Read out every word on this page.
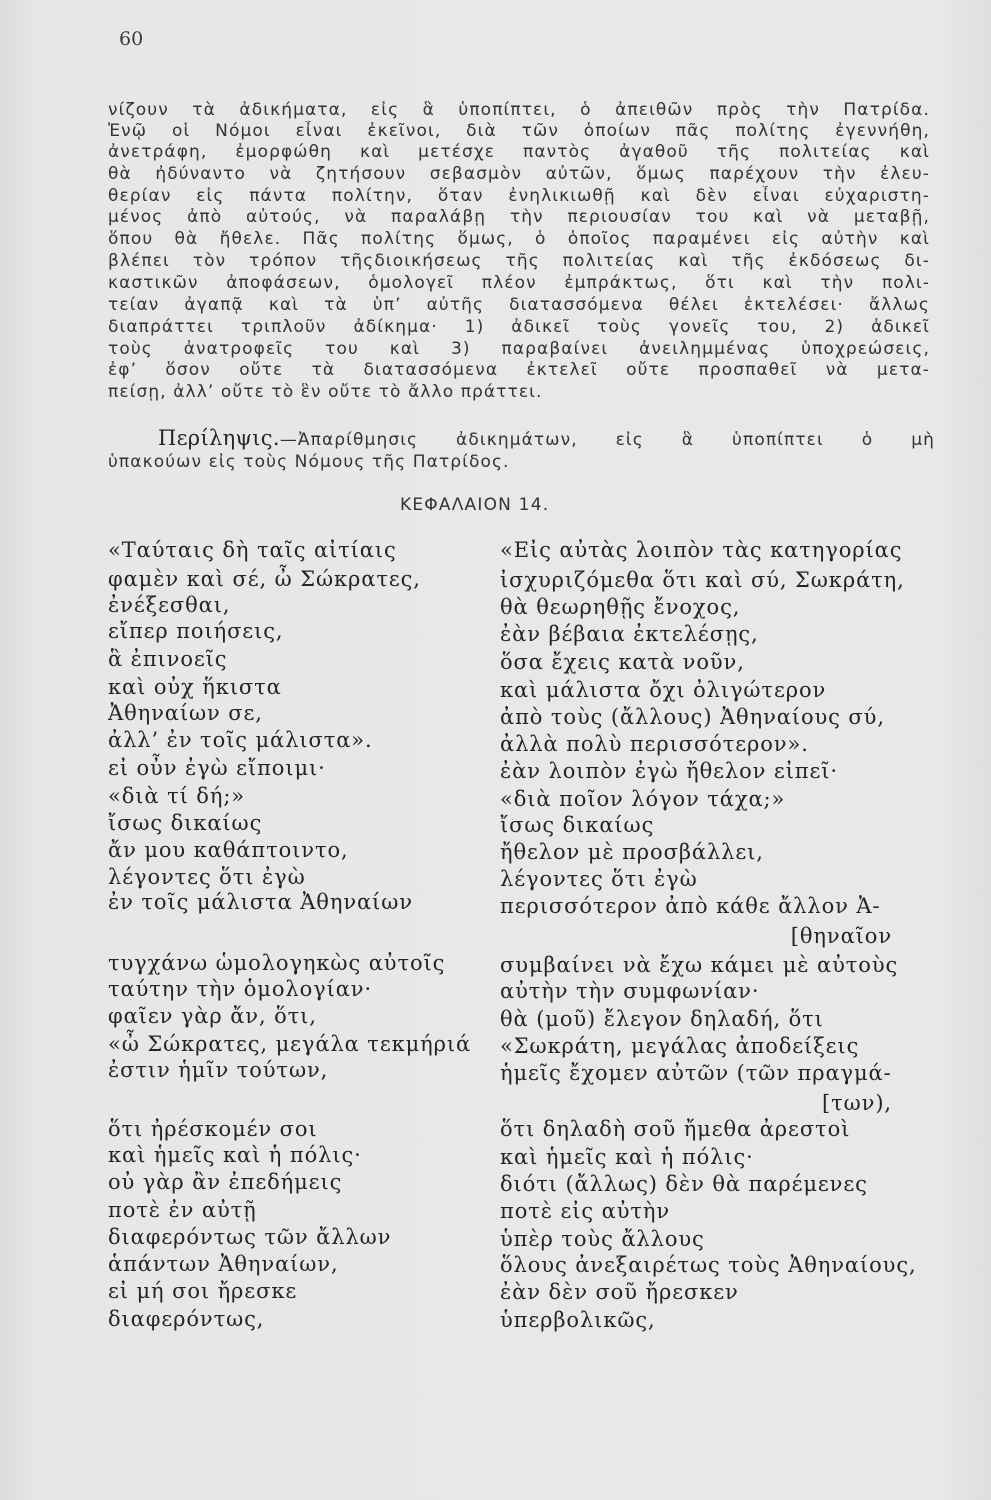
60
νίζουν τὰ ἀδικήματα, εἰς ἃ ὑποπίπτει, ὁ ἀπειθῶν πρὸς τὴν Πατρίδα.
Ἐνῷ οἱ Νόμοι εἶναι ἐκεῖνοι, διὰ τῶν ὁποίων πᾶς πολίτης ἐγεννήθη,
ἀνετράφη, ἐμορφώθη καὶ μετέσχε παντὸς ἀγαθοῦ τῆς πολιτείας καὶ
θὰ ἠδύναντο νὰ ζητήσουν σεβασμὸν αὐτῶν, ὅμως παρέχουν τὴν ἐλευ-
θερίαν εἰς πάντα πολίτην, ὅταν ἐνηλικιωθῇ καὶ δὲν εἶναι εὐχαριστη-
μένος ἀπὸ αὐτούς, νὰ παραλάβῃ τὴν περιουσίαν του καὶ νὰ μεταβῇ,
ὅπου θὰ ἤθελε. Πᾶς πολίτης ὅμως, ὁ ὁποῖος παραμένει εἰς αὐτὴν καὶ
βλέπει τὸν τρόπον τῆςδιοικήσεως τῆς πολιτείας καὶ τῆς ἐκδόσεως δι-
καστικῶν ἀποφάσεων, ὁμολογεῖ πλέον ἐμπράκτως, ὅτι καὶ τὴν πολι-
τείαν ἀγαπᾷ καὶ τὰ ὑπ’ αὐτῆς διατασσόμενα θέλει ἐκτελέσει· ἄλλως
διαπράττει τριπλοῦν ἀδίκημα· 1) ἀδικεῖ τοὺς γονεῖς του, 2) ἀδικεῖ
τοὺς ἀνατροφεῖς του καὶ 3) παραβαίνει ἀνειλημμένας ὑποχρεώσεις,
ἐφ’ ὅσον οὔτε τὰ διατασσόμενα ἐκτελεῖ οὔτε προσπαθεῖ νὰ μετα-
πείσῃ, ἀλλ’ οὔτε τὸ ἓν οὔτε τὸ ἄλλο πράττει.
Περίληψις.—Ἀπαρίθμησις ἀδικημάτων, εἰς ἃ ὑποπίπτει ὁ μὴ
ὑπακούων εἰς τοὺς Νόμους τῆς Πατρίδος.
ΚΕΦΑΛΑΙΟΝ 14.
«Ταύταις δὴ ταῖς αἰτίαις
φαμὲν καὶ σέ, ὦ Σώκρατες,
ἐνέξεσθαι,
εἴπερ ποιήσεις,
ἃ ἐπινοεῖς
καὶ οὐχ ἥκιστα
Ἀθηναίων σε,
ἀλλ’ ἐν τοῖς μάλιστα».
εἰ οὖν ἐγὼ εἴποιμι·
«διὰ τί δή;»
ἴσως δικαίως
ἄν μου καθάπτοιντο,
λέγοντες ὅτι ἐγὼ
ἐν τοῖς μάλιστα Ἀθηναίων
τυγχάνω ὡμολογηκὼς αὐτοῖς
ταύτην τὴν ὁμολογίαν·
φαῖεν γὰρ ἄν, ὅτι,
«ὦ Σώκρατες, μεγάλα τεκμήριά
ἐστιν ἡμῖν τούτων,
ὅτι ἠρέσκομέν σοι
καὶ ἡμεῖς καὶ ἡ πόλις·
οὐ γὰρ ἂν ἐπεδήμεις
ποτὲ ἐν αὐτῇ
διαφερόντως τῶν ἄλλων
ἁπάντων Ἀθηναίων,
εἰ μή σοι ἤρεσκε
διαφερόντως,
«Εἰς αὐτὰς λοιπὸν τὰς κατηγορίας
ἰσχυριζόμεθα ὅτι καὶ σύ, Σωκράτη,
θὰ θεωρηθῇς ἔνοχος,
ἐὰν βέβαια ἐκτελέσῃς,
ὅσα ἔχεις κατὰ νοῦν,
καὶ μάλιστα ὄχι ὀλιγώτερον
ἀπὸ τοὺς (ἄλλους) Ἀθηναίους σύ,
ἀλλὰ πολὺ περισσότερον».
ἐὰν λοιπὸν ἐγὼ ἤθελον εἰπεῖ·
«διὰ ποῖον λόγον τάχα;»
ἴσως δικαίως
ἤθελον μὲ προσβάλλει,
λέγοντες ὅτι ἐγὼ
περισσότερον ἀπὸ κάθε ἄλλον Ἀ-
[θηναῖον
συμβαίνει νὰ ἔχω κάμει μὲ αὐτοὺς
αὐτὴν τὴν συμφωνίαν·
θὰ (μοῦ) ἔλεγον δηλαδή, ὅτι
«Σωκράτη, μεγάλας ἀποδείξεις
ἡμεῖς ἔχομεν αὐτῶν (τῶν πραγμά-
[των),
ὅτι δηλαδὴ σοῦ ἤμεθα ἀρεστοὶ
καὶ ἡμεῖς καὶ ἡ πόλις·
διότι (ἄλλως) δὲν θὰ παρέμενες
ποτὲ εἰς αὐτὴν
ὑπὲρ τοὺς ἄλλους
ὅλους ἀνεξαιρέτως τοὺς Ἀθηναίους,
ἐὰν δὲν σοῦ ἤρεσκεν
ὑπερβολικῶς,
